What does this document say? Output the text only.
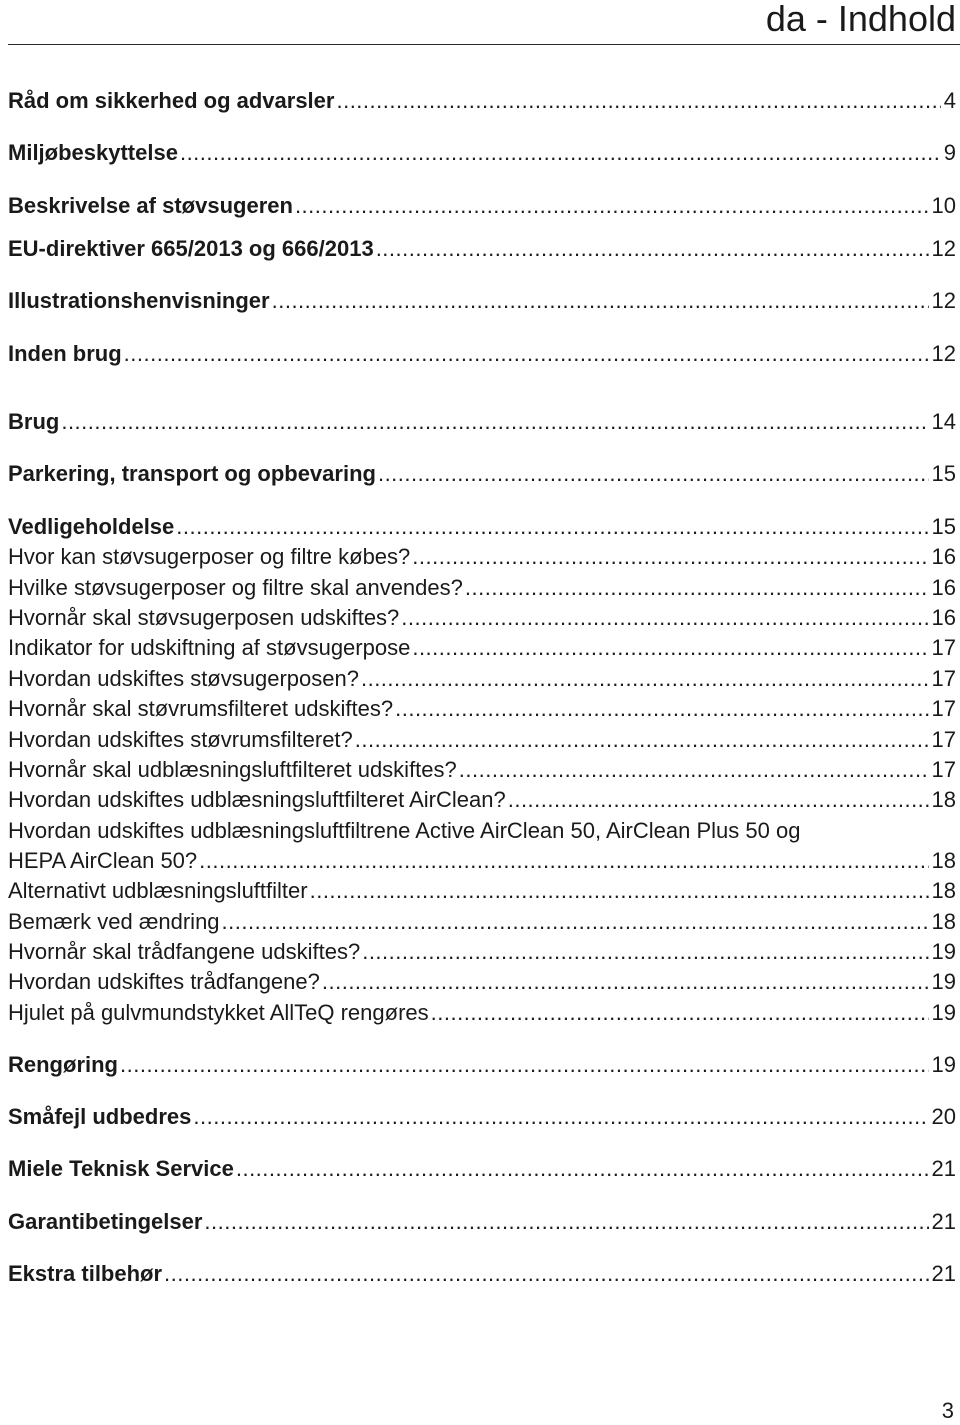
da - Indhold
Råd om sikkerhed og advarsler .....	4
Miljøbeskyttelse .....	9
Beskrivelse af støvsugeren .....	10
EU-direktiver 665/2013 og 666/2013 .....	12
Illustrationshenvisninger .....	12
Inden brug .....	12
Brug .....	14
Parkering, transport og opbevaring .....	15
Vedligeholdelse .....	15
Hvor kan støvsugerposer og filtre købes? .....	16
Hvilke støvsugerposer og filtre skal anvendes? .....	16
Hvornår skal støvsugerposen udskiftes? .....	16
Indikator for udskiftning af støvsugerpose .....	17
Hvordan udskiftes støvsugerposen? .....	17
Hvornår skal støvrumsfilteret udskiftes? .....	17
Hvordan udskiftes støvrumsfilteret? .....	17
Hvornår skal udblæsningsluftfilteret udskiftes? .....	17
Hvordan udskiftes udblæsningsluftfilteret AirClean? .....	18
Hvordan udskiftes udblæsningsluftfiltrene Active AirClean 50, AirClean Plus 50 og
HEPA AirClean 50? .....	18
Alternativt udblæsningsluftfilter .....	18
Bemærk ved ændring .....	18
Hvornår skal trådfangene udskiftes? .....	19
Hvordan udskiftes trådfangene? .....	19
Hjulet på gulvmundstykket AllTeQ rengøres .....	19
Rengøring .....	19
Småfejl udbedres .....	20
Miele Teknisk Service .....	21
Garantibetingelser .....	21
Ekstra tilbehør .....	21
3
